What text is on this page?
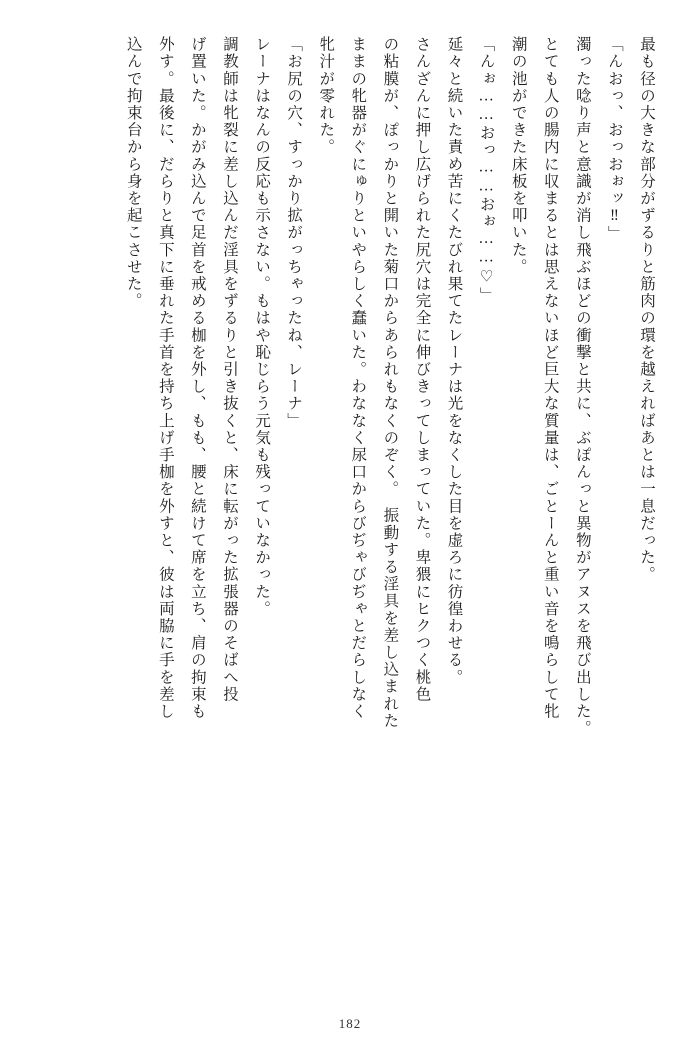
最も径の大きな部分がずるりと筋肉の環を越えればあとは一息だった。

「んおっ、おっおぉッ‼」

濁った唸り声と意識が消し飛ぶほどの衝撃と共に、ぶぽんっと異物がアヌスを飛び出した。

とても人の腸内に収まるとは思えないほど巨大な質量は、ごとーんと重い音を鳴らして牝

潮の池ができた床板を叩いた。

「んぉ……おっ……おぉ……♡」

延々と続いた責め苦にくたびれ果てたレーナは光をなくした目を虚ろに彷徨わせる。

さんざんに押し広げられた尻穴は完全に伸びきってしまっていた。卑猥にヒクつく桃色

の粘膜が、ぽっかりと開いた菊口からあられもなくのぞく。　振動する淫具を差し込まれた

ままの牝器がぐにゅりといやらしく蠢いた。わななく尿口からびぢゃびぢゃとだらしなく

牝汁が零れた。

「お尻の穴、すっかり拡がっちゃったね、レーナ」

レーナはなんの反応も示さない。もはや恥じらう元気も残っていなかった。

調教師は牝裂に差し込んだ淫具をずるりと引き抜くと、床に転がった拡張器のそばへ投

げ置いた。かがみ込んで足首を戒める枷を外し、もも、腰と続けて席を立ち、肩の拘束も

外す。最後に、だらりと真下に垂れた手首を持ち上げ手枷を外すと、彼は両脇に手を差し

込んで拘束台から身を起こさせた。

182
